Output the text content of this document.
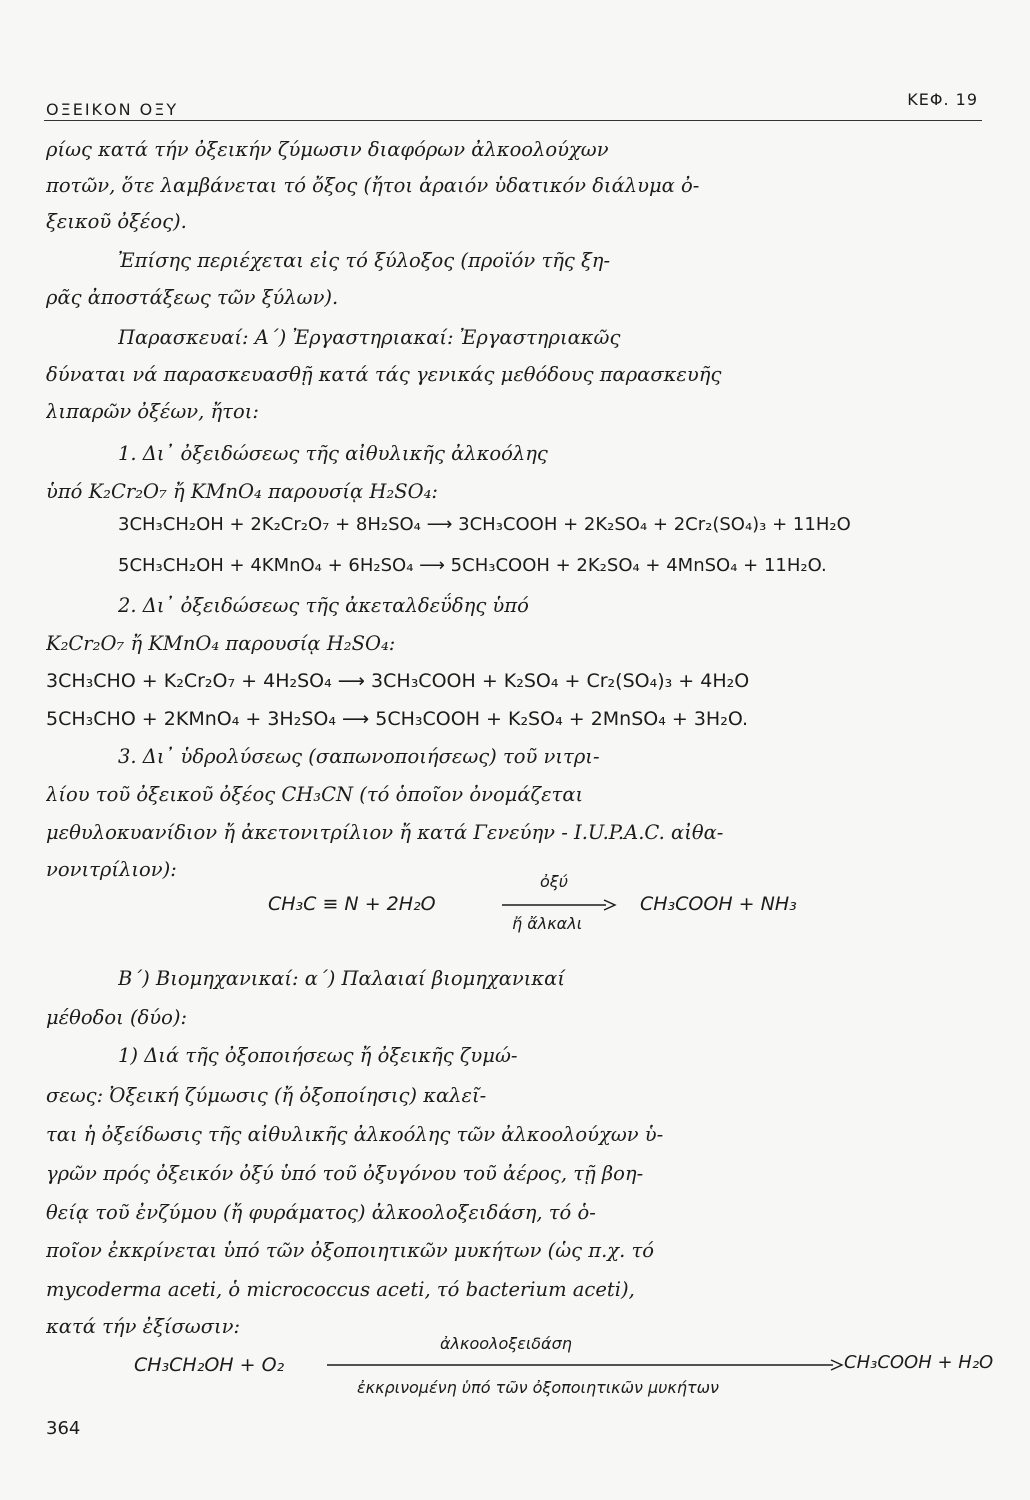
ΟΞΕΙΚΟΝ ΟΞΥ
ΚΕΦ. 19
ρίως κατά τήν ὀξεικήν ζύμωσιν διαφόρων ἀλκοολούχων
ποτῶν, ὅτε λαμβάνεται τό ὄξος (ἤτοι ἀραιόν ὑδατικόν διάλυμα ὀ-
ξεικοῦ ὀξέος).
Ἐπίσης περιέχεται εἰς τό ξύλοξος (προϊόν τῆς ξη-
ρᾶς ἀποστάξεως τῶν ξύλων).
Παρασκευαί: Α΄) Ἐργαστηριακαί: Ἐργαστηριακῶς
δύναται νά παρασκευασθῇ κατά τάς γενικάς μεθόδους παρασκευῆς
λιπαρῶν ὀξέων, ἤτοι:
1. Δι᾽ ὀξειδώσεως τῆς αἰθυλικῆς ἀλκοόλης
ὑπό K₂Cr₂O₇ ἤ KMnO₄ παρουσίᾳ H₂SO₄:
3CH₃CH₂OH + 2K₂Cr₂O₇ + 8H₂SO₄ ⟶ 3CH₃COOH + 2K₂SO₄ + 2Cr₂(SO₄)₃ + 11H₂O
5CH₃CH₂OH + 4KMnO₄ + 6H₂SO₄ ⟶ 5CH₃COOH + 2K₂SO₄ + 4MnSO₄ + 11H₂O.
2. Δι᾽ ὀξειδώσεως τῆς ἀκεταλδεΰδης ὑπό
K₂Cr₂O₇ ἤ KMnO₄ παρουσίᾳ H₂SO₄:
3CH₃CHO + K₂Cr₂O₇ + 4H₂SO₄ ⟶ 3CH₃COOH + K₂SO₄ + Cr₂(SO₄)₃ + 4H₂O
5CH₃CHO + 2KMnO₄ + 3H₂SO₄ ⟶ 5CH₃COOH + K₂SO₄ + 2MnSO₄ + 3H₂O.
3. Δι᾽ ὑδρολύσεως (σαπωνοποιήσεως) τοῦ νιτρι-
λίου τοῦ ὀξεικοῦ ὀξέος CH₃CN (τό ὁποῖον ὀνομάζεται
μεθυλοκυανίδιον ἤ ἀκετονιτρίλιον ἤ κατά Γενεύην - I.U.P.A.C. αἰθα-
νονιτρίλιον):
CH₃C ≡ N + 2H₂O
ὀξύ
ἤ ἄλκαλι
CH₃COOH + NH₃
Β΄) Βιομηχανικαί: α΄) Παλαιαί βιομηχανικαί
μέθοδοι (δύο):
1) Διά τῆς ὀξοποιήσεως ἤ ὀξεικῆς ζυμώ-
σεως: Ὀξεική ζύμωσις (ἤ ὀξοποίησις) καλεῖ-
ται ἡ ὀξείδωσις τῆς αἰθυλικῆς ἀλκοόλης τῶν ἀλκοολούχων ὑ-
γρῶν πρός ὀξεικόν ὀξύ ὑπό τοῦ ὀξυγόνου τοῦ ἀέρος, τῇ βοη-
θείᾳ τοῦ ἐνζύμου (ἤ φυράματος) ἀλκοολοξειδάση, τό ὁ-
ποῖον ἐκκρίνεται ὑπό τῶν ὀξοποιητικῶν μυκήτων (ὡς π.χ. τό
mycoderma aceti, ὁ micrococcus aceti, τό bacterium aceti),
κατά τήν ἐξίσωσιν:
CH₃CH₂OH + O₂
ἀλκοολοξειδάση
ἐκκρινομένη ὑπό τῶν ὀξοποιητικῶν μυκήτων
CH₃COOH + H₂O
364
